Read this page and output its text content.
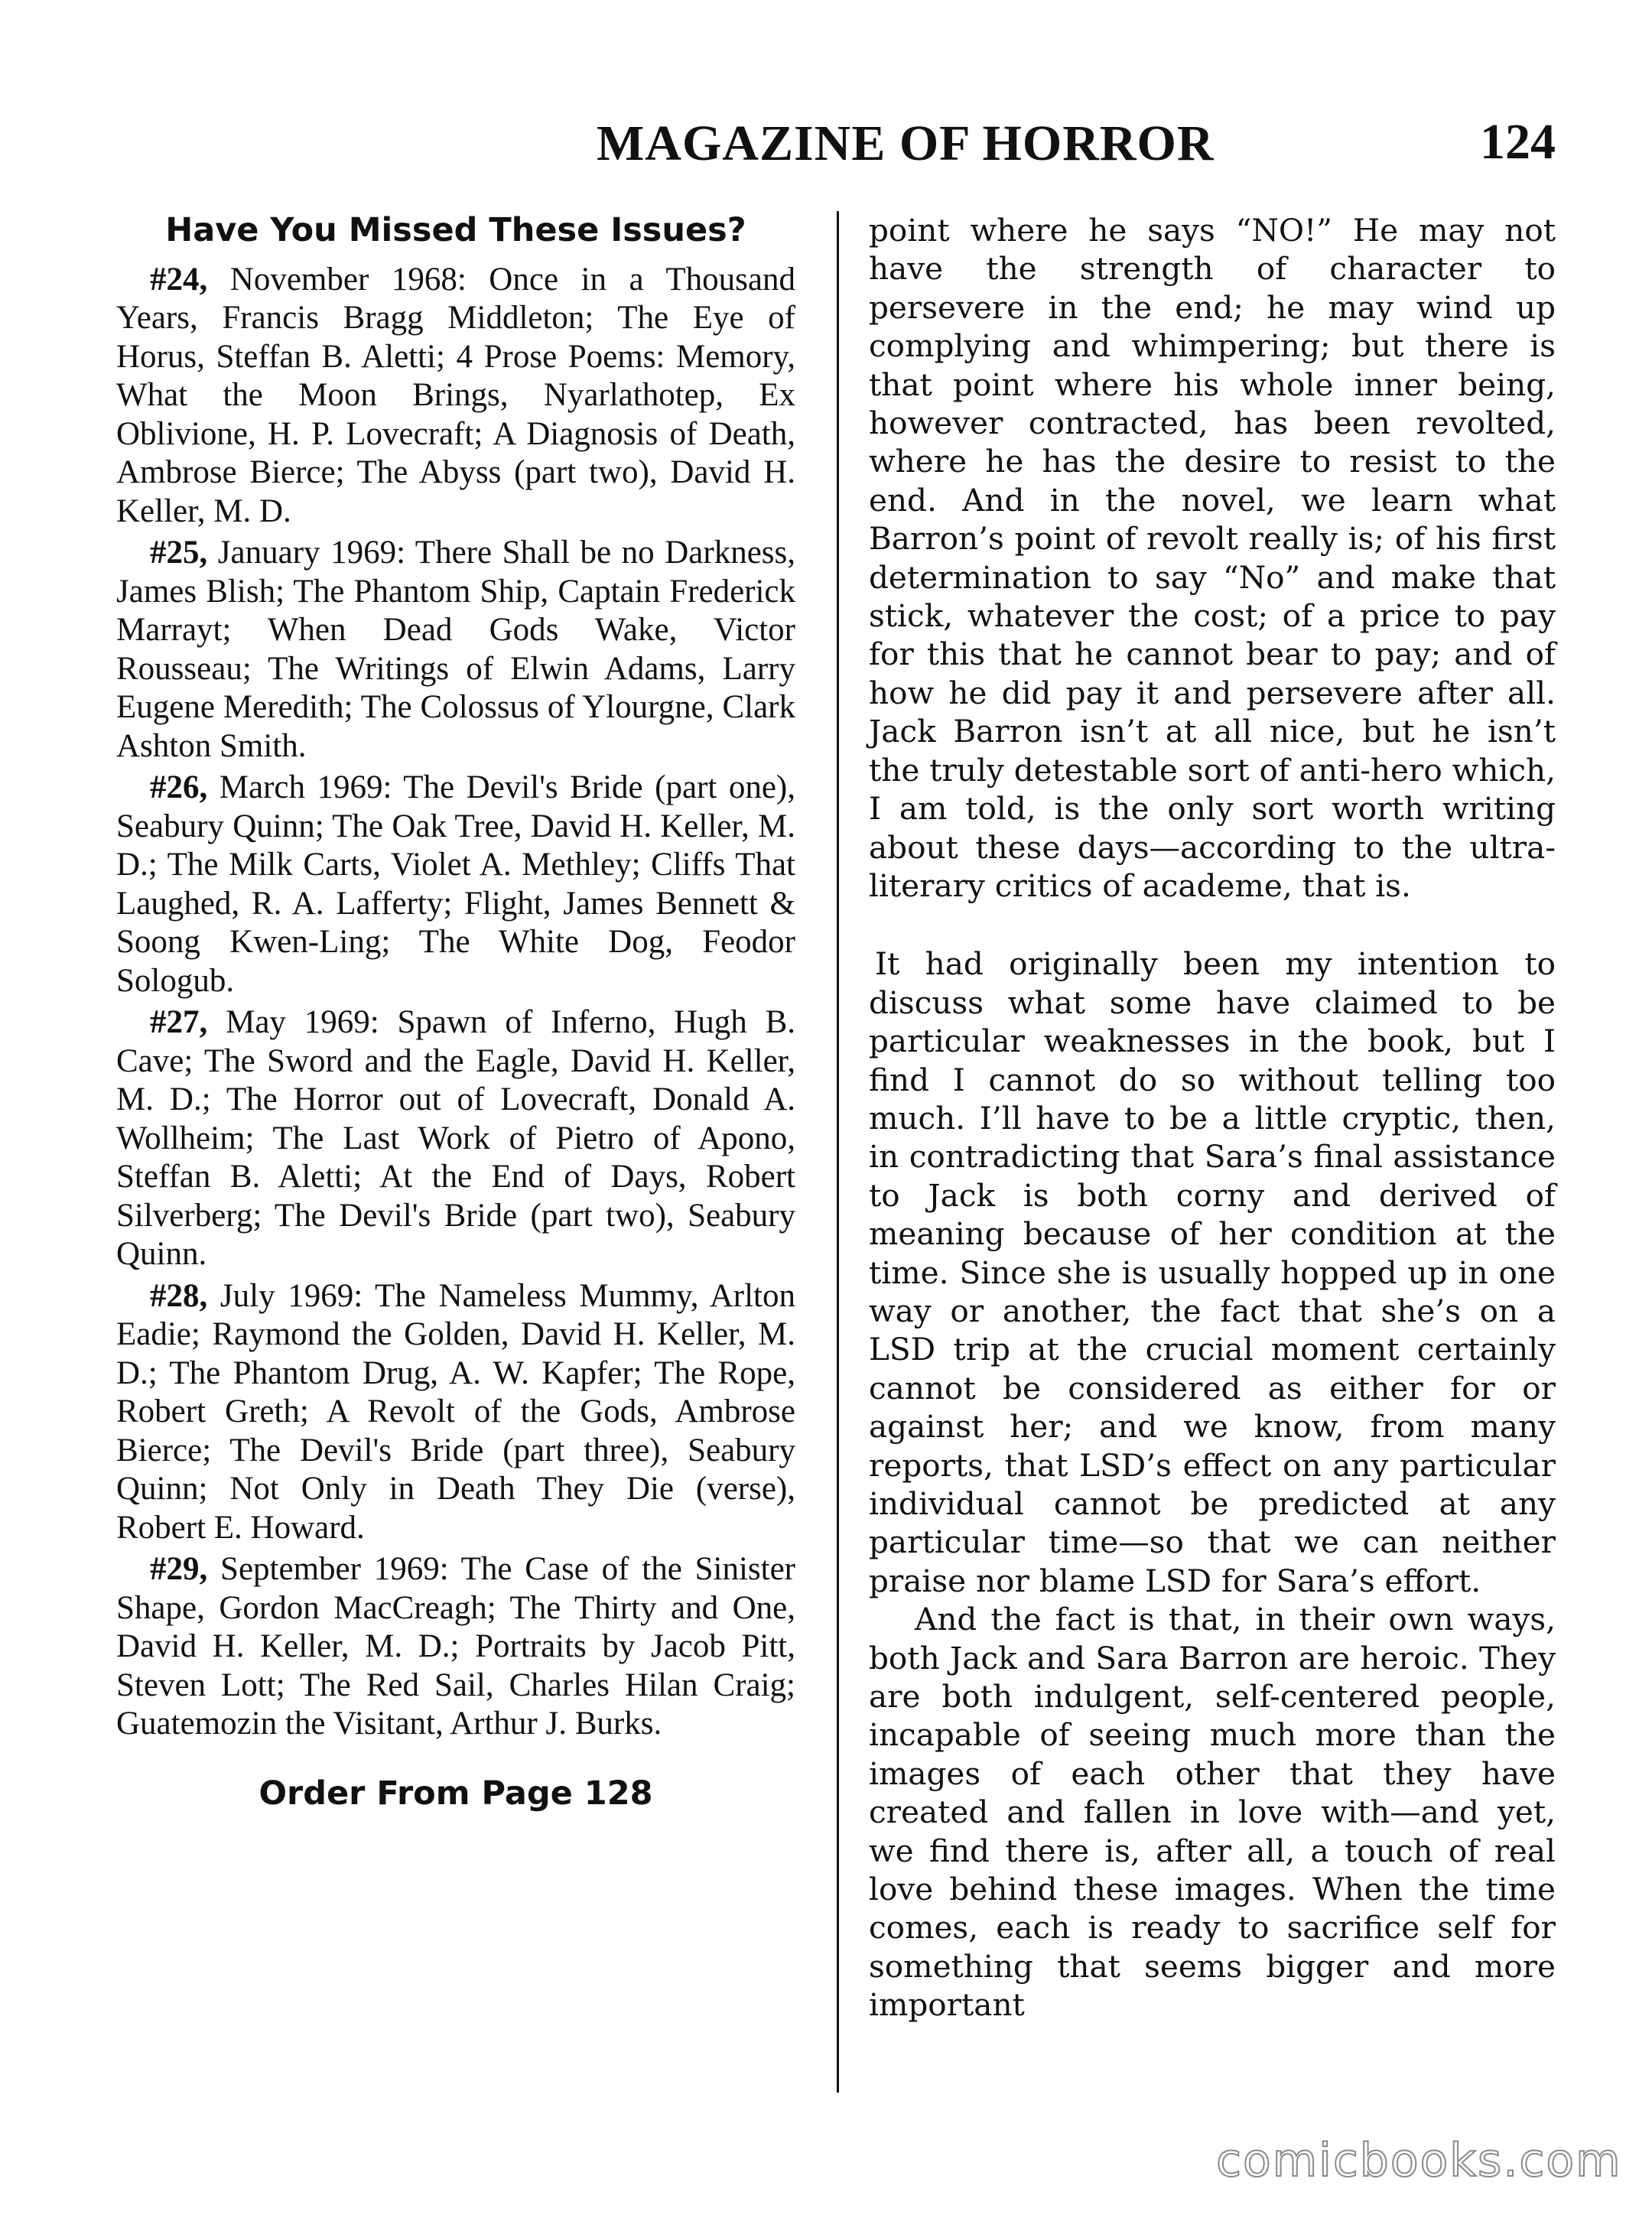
MAGAZINE OF HORROR	124
Have You Missed These Issues?

#24, November 1968: Once in a Thousand Years, Francis Bragg Middleton; The Eye of Horus, Steffan B. Aletti; 4 Prose Poems: Memory, What the Moon Brings, Nyarlathotep, Ex Oblivione, H. P. Lovecraft; A Diagnosis of Death, Ambrose Bierce; The Abyss (part two), David H. Keller, M. D.

#25, January 1969: There Shall be no Darkness, James Blish; The Phantom Ship, Captain Frederick Marrayt; When Dead Gods Wake, Victor Rousseau; The Writings of Elwin Adams, Larry Eugene Meredith; The Colossus of Ylourgne, Clark Ashton Smith.

#26, March 1969: The Devil's Bride (part one), Seabury Quinn; The Oak Tree, David H. Keller, M. D.; The Milk Carts, Violet A. Methley; Cliffs That Laughed, R. A. Lafferty; Flight, James Bennett & Soong Kwen-Ling; The White Dog, Feodor Sologub.

#27, May 1969: Spawn of Inferno, Hugh B. Cave; The Sword and the Eagle, David H. Keller, M. D.; The Horror out of Lovecraft, Donald A. Wollheim; The Last Work of Pietro of Apono, Steffan B. Aletti; At the End of Days, Robert Silverberg; The Devil's Bride (part two), Seabury Quinn.

#28, July 1969: The Nameless Mummy, Arlton Eadie; Raymond the Golden, David H. Keller, M. D.; The Phantom Drug, A. W. Kapfer; The Rope, Robert Greth; A Revolt of the Gods, Ambrose Bierce; The Devil's Bride (part three), Seabury Quinn; Not Only in Death They Die (verse), Robert E. Howard.

#29, September 1969: The Case of the Sinister Shape, Gordon MacCreagh; The Thirty and One, David H. Keller, M. D.; Portraits by Jacob Pitt, Steven Lott; The Red Sail, Charles Hilan Craig; Guatemozin the Visitant, Arthur J. Burks.

Order From Page 128

point where he says “NO!” He may not have the strength of character to persevere in the end; he may wind up complying and whimpering; but there is that point where his whole inner being, however contracted, has been revolted, where he has the desire to resist to the end. And in the novel, we learn what Barron’s point of revolt really is; of his first determination to say “No” and make that stick, whatever the cost; of a price to pay for this that he cannot bear to pay; and of how he did pay it and persevere after all. Jack Barron isn’t at all nice, but he isn’t the truly detestable sort of anti-hero which, I am told, is the only sort worth writing about these days—according to the ultra-literary critics of academe, that is.

It had originally been my intention to discuss what some have claimed to be particular weaknesses in the book, but I find I cannot do so without telling too much. I’ll have to be a little cryptic, then, in contradicting that Sara’s final assistance to Jack is both corny and derived of meaning because of her condition at the time. Since she is usually hopped up in one way or another, the fact that she’s on a LSD trip at the crucial moment certainly cannot be considered as either for or against her; and we know, from many reports, that LSD’s effect on any particular individual cannot be predicted at any particular time—so that we can neither praise nor blame LSD for Sara’s effort.

And the fact is that, in their own ways, both Jack and Sara Barron are heroic. They are both indulgent, self-centered people, incapable of seeing much more than the images of each other that they have created and fallen in love with—and yet, we find there is, after all, a touch of real love behind these images. When the time comes, each is ready to sacrifice self for something that seems bigger and more important

comicbooks.com
